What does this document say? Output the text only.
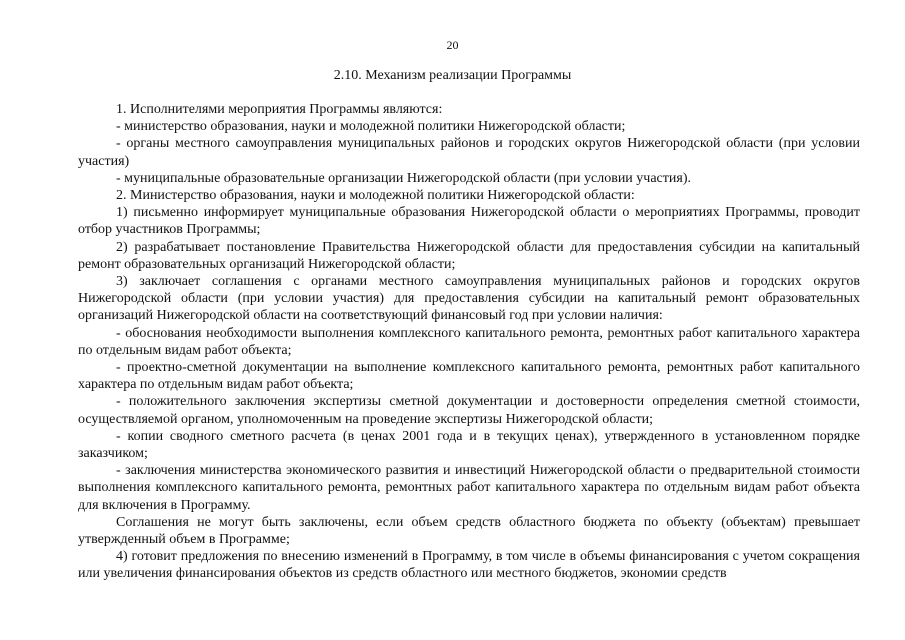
20
2.10. Механизм реализации Программы

1. Исполнителями мероприятия Программы являются:

- министерство образования, науки и молодежной политики Нижегородской области;

- органы местного самоуправления муниципальных районов и городских округов Нижегородской области (при условии участия)

- муниципальные образовательные организации Нижегородской области (при условии участия).

2. Министерство образования, науки и молодежной политики Нижегородской области:

1) письменно информирует муниципальные образования Нижегородской области о мероприятиях Программы, проводит отбор участников Программы;

2) разрабатывает постановление Правительства Нижегородской области для предоставления субсидии на капитальный ремонт образовательных организаций Нижегородской области;

3) заключает соглашения с органами местного самоуправления муниципальных районов и городских округов Нижегородской области (при условии участия) для предоставления субсидии на капитальный ремонт образовательных организаций Нижегородской области на соответствующий финансовый год при условии наличия:

- обоснования необходимости выполнения комплексного капитального ремонта, ремонтных работ капитального характера по отдельным видам работ объекта;

- проектно-сметной документации на выполнение комплексного капитального ремонта, ремонтных работ капитального характера по отдельным видам работ объекта;

- положительного заключения экспертизы сметной документации и достоверности определения сметной стоимости, осуществляемой органом, уполномоченным на проведение экспертизы Нижегородской области;

- копии сводного сметного расчета (в ценах 2001 года и в текущих ценах), утвержденного в установленном порядке заказчиком;

- заключения министерства экономического развития и инвестиций Нижегородской области о предварительной стоимости выполнения комплексного капитального ремонта, ремонтных работ капитального характера по отдельным видам работ объекта для включения в Программу.

Соглашения не могут быть заключены, если объем средств областного бюджета по объекту (объектам) превышает утвержденный объем в Программе;

4) готовит предложения по внесению изменений в Программу, в том числе в объемы финансирования с учетом сокращения или увеличения финансирования объектов из средств областного или местного бюджетов, экономии средств
